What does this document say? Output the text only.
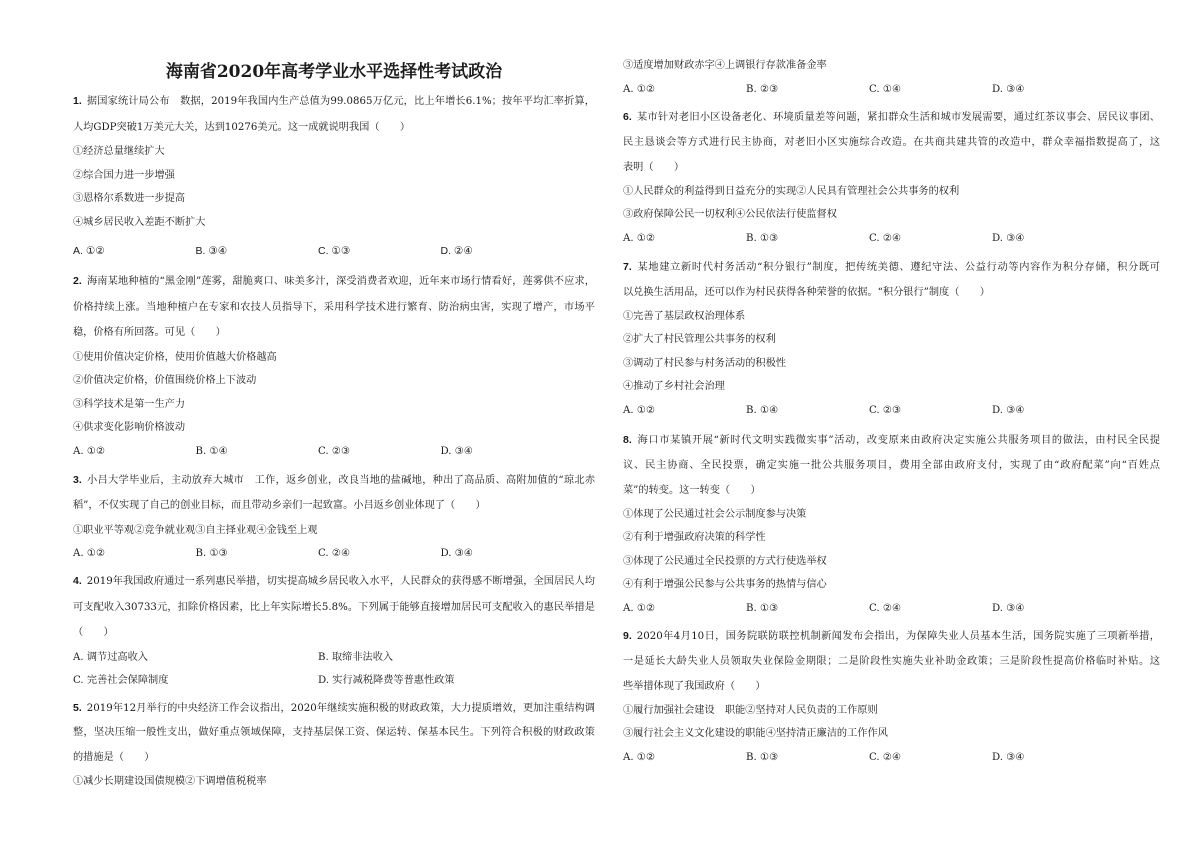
海南省2020年高考学业水平选择性考试政治
1. 据国家统计局公布　数据，2019年我国内生产总值为99.0865万亿元，比上年增长6.1%；按年平均汇率折算，
人均GDP突破1万美元大关，达到10276美元。这一成就说明我国（　　）
①经济总量继续扩大
②综合国力进一步增强
③恩格尔系数进一步提高
④城乡居民收入差距不断扩大
A. ①②	B. ③④	C. ①③	D. ②④
2. 海南某地种植的“黑金刚”莲雾，甜脆爽口、味美多汁，深受消费者欢迎，近年来市场行情看好，莲雾供不应求，
价格持续上涨。当地种植户在专家和农技人员指导下，采用科学技术进行繁育、防治病虫害，实现了增产，市场平
稳，价格有所回落。可见（　　）
①使用价值决定价格，使用价值越大价格越高
②价值决定价格，价值围绕价格上下波动
③科学技术是第一生产力
④供求变化影响价格波动
A. ①②	B. ①④	C. ②③	D. ③④
3. 小吕大学毕业后，主动放弃大城市　工作，返乡创业，改良当地的盐碱地，种出了高品质、高附加值的“琼北赤
稻”，不仅实现了自己的创业目标，而且带动乡亲们一起致富。小吕返乡创业体现了（　　）
①职业平等观②竞争就业观③自主择业观④金钱至上观
A. ①②	B. ①③	C. ②④	D. ③④
4. 2019年我国政府通过一系列惠民举措，切实提高城乡居民收入水平，人民群众的获得感不断增强，全国居民人均
可支配收入30733元，扣除价格因素，比上年实际增长5.8%。下列属于能够直接增加居民可支配收入的惠民举措是
（　　）
A. 调节过高收入	B. 取缔非法收入
C. 完善社会保障制度	D. 实行减税降费等普惠性政策
5. 2019年12月举行的中央经济工作会议指出，2020年继续实施积极的财政政策，大力提质增效，更加注重结构调
整，坚决压缩一般性支出，做好重点领域保障，支持基层保工资、保运转、保基本民生。下列符合积极的财政政策
的措施是（　　）
①减少长期建设国债规模②下调增值税税率
③适度增加财政赤字④上调银行存款准备金率
A. ①②	B. ②③	C. ①④	D. ③④
6. 某市针对老旧小区设备老化、环境质量差等问题，紧扣群众生活和城市发展需要，通过红茶议事会、居民议事团、
民主恳谈会等方式进行民主协商，对老旧小区实施综合改造。在共商共建共管的改造中，群众幸福指数提高了，这
表明（　　）
①人民群众的利益得到日益充分的实现②人民具有管理社会公共事务的权利
③政府保障公民一切权利④公民依法行使监督权
A. ①②	B. ①③	C. ②④	D. ③④
7. 某地建立新时代村务活动“积分银行”制度，把传统美德、遵纪守法、公益行动等内容作为积分存储，积分既可
以兑换生活用品，还可以作为村民获得各种荣誉的依据。“积分银行”制度（　　）
①完善了基层政权治理体系
②扩大了村民管理公共事务的权利
③调动了村民参与村务活动的积极性
④推动了乡村社会治理
A. ①②	B. ①④	C. ②③	D. ③④
8. 海口市某镇开展“新时代文明实践微实事”活动，改变原来由政府决定实施公共服务项目的做法，由村民全民提
议、民主协商、全民投票，确定实施一批公共服务项目，费用全部由政府支付，实现了由“政府配菜”向“百姓点
菜”的转变。这一转变（　　）
①体现了公民通过社会公示制度参与决策
②有利于增强政府决策的科学性
③体现了公民通过全民投票的方式行使选举权
④有利于增强公民参与公共事务的热情与信心
A. ①②	B. ①③	C. ②④	D. ③④
9. 2020年4月10日，国务院联防联控机制新闻发布会指出，为保障失业人员基本生活，国务院实施了三项新举措，
一是延长大龄失业人员领取失业保险金期限；二是阶段性实施失业补助金政策；三是阶段性提高价格临时补贴。这
些举措体现了我国政府（　　）
①履行加强社会建设　职能②坚持对人民负责的工作原则
③履行社会主义文化建设的职能④坚持清正廉洁的工作作风
A. ①②	B. ①③	C. ②④	D. ③④
